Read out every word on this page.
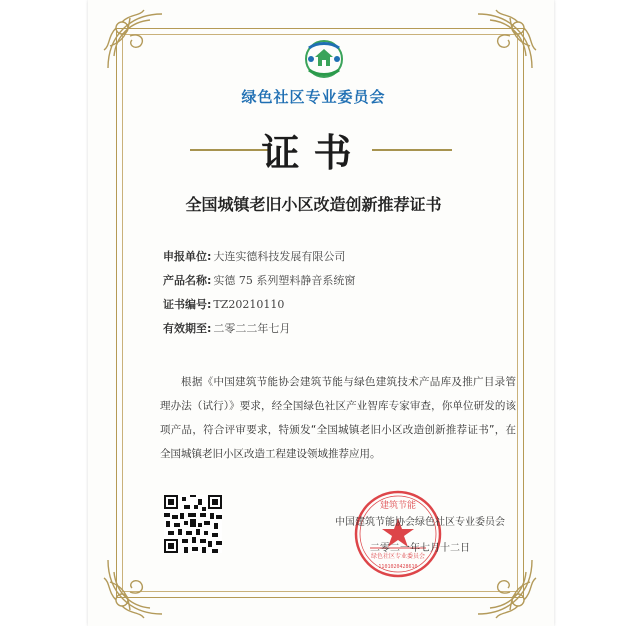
绿色社区专业委员会
证书
全国城镇老旧小区改造创新推荐证书
申报单位: 大连实德科技发展有限公司
产品名称: 实德 75 系列塑料静音系统窗
证书编号: TZ20210110
有效期至: 二零二二年七月
根据《中国建筑节能协会建筑节能与绿色建筑技术产品库及推广目录管理办法（试行）》要求，经全国绿色社区产业智库专家审查，你单位研发的该项产品，符合评审要求，特颁发“全国城镇老旧小区改造创新推荐证书”，在全国城镇老旧小区改造工程建设领域推荐应用。
建筑节能
绿色社区专业委员会
1101020428610
中国建筑节能协会绿色社区专业委员会
二零二一年七月十二日
